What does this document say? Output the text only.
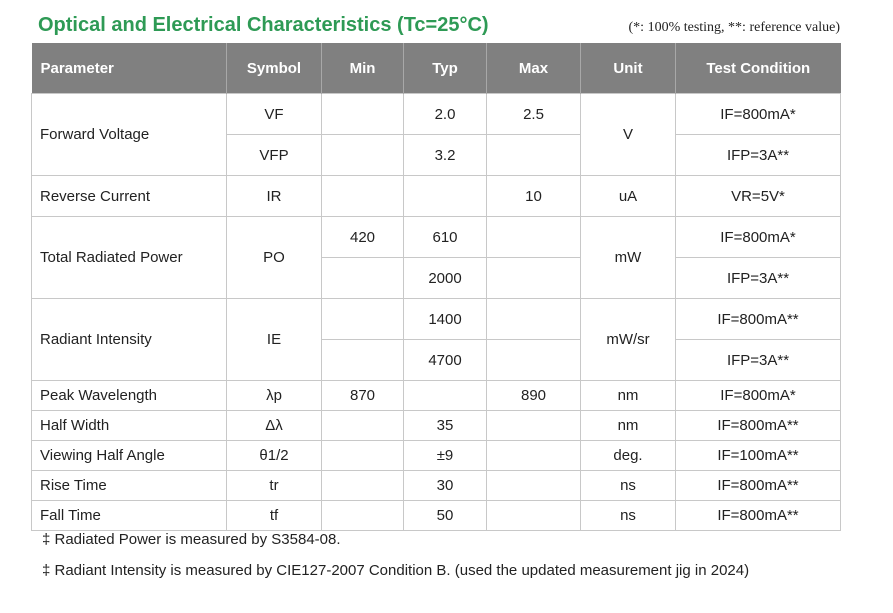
Optical and Electrical Characteristics (Tc=25°C)	(*: 100% testing, **: reference value)
Parameter	Symbol	Min	Typ	Max	Unit	Test Condition
Forward Voltage	VF		2.0	2.5	V	IF=800mA*
	VFP		3.2			IFP=3A**
Reverse Current	IR			10	uA	VR=5V*
Total Radiated Power	PO	420	610		mW	IF=800mA*
			2000			IFP=3A**
Radiant Intensity	IE		1400		mW/sr	IF=800mA**
			4700			IFP=3A**
Peak Wavelength	λp	870		890	nm	IF=800mA*
Half Width	Δλ		35		nm	IF=800mA**
Viewing Half Angle	θ1/2		±9		deg.	IF=100mA**
Rise Time	tr		30		ns	IF=800mA**
Fall Time	tf		50		ns	IF=800mA**
‡ Radiated Power is measured by S3584-08.
‡ Radiant Intensity is measured by CIE127-2007 Condition B. (used the updated measurement jig in 2024)
